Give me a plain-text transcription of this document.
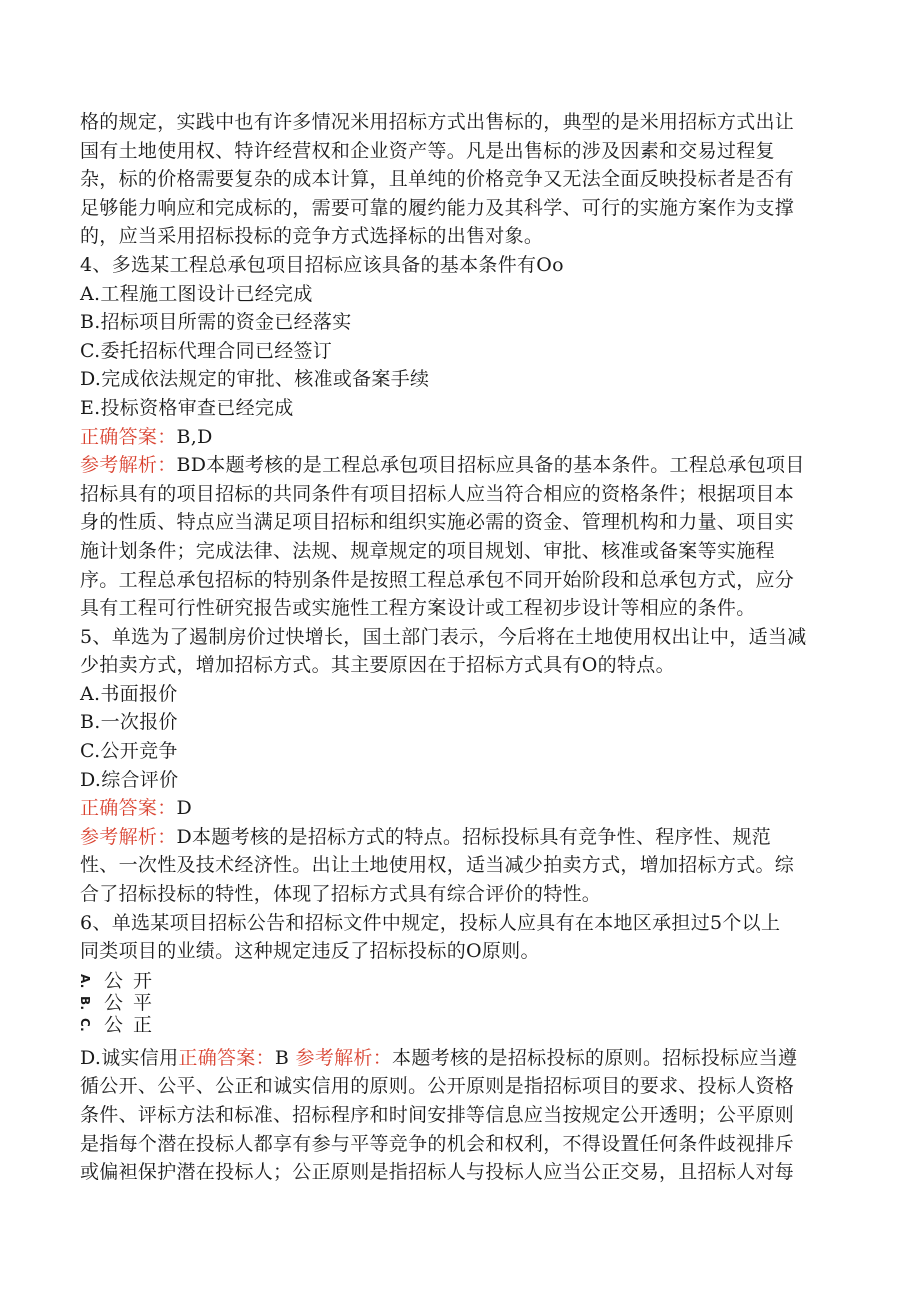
格的规定，实践中也有许多情况米用招标方式出售标的，典型的是米用招标方式出让

国有土地使用权、特许经营权和企业资产等。凡是出售标的涉及因素和交易过程复

杂，标的价格需要复杂的成本计算，且单纯的价格竞争又无法全面反映投标者是否有

足够能力响应和完成标的，需要可靠的履约能力及其科学、可行的实施方案作为支撑

的，应当采用招标投标的竞争方式选择标的出售对象。

4、多选某工程总承包项目招标应该具备的基本条件有Oo

A.工程施工图设计已经完成

B.招标项目所需的资金已经落实

C.委托招标代理合同已经签订

D.完成依法规定的审批、核准或备案手续

E.投标资格审查已经完成

正确答案：B,D

参考解析：BD本题考核的是工程总承包项目招标应具备的基本条件。工程总承包项目

招标具有的项目招标的共同条件有项目招标人应当符合相应的资格条件；根据项目本

身的性质、特点应当满足项目招标和组织实施必需的资金、管理机构和力量、项目实

施计划条件；完成法律、法规、规章规定的项目规划、审批、核准或备案等实施程

序。工程总承包招标的特别条件是按照工程总承包不同开始阶段和总承包方式，应分

具有工程可行性研究报告或实施性工程方案设计或工程初步设计等相应的条件。

5、单选为了遏制房价过快增长，国土部门表示，今后将在土地使用权出让中，适当减

少拍卖方式，增加招标方式。其主要原因在于招标方式具有O的特点。

A.书面报价

B.一次报价

C.公开竞争

D.综合评价

正确答案：D

参考解析：D本题考核的是招标方式的特点。招标投标具有竞争性、程序性、规范

性、一次性及技术经济性。出让土地使用权，适当减少拍卖方式，增加招标方式。综

合了招标投标的特性，体现了招标方式具有综合评价的特性。

6、单选某项目招标公告和招标文件中规定，投标人应具有在本地区承担过5个以上

同类项目的业绩。这种规定违反了招标投标的O原则。

A.
B.
C.
公开
公平
公正

D.诚实信用正确答案：B 参考解析：本题考核的是招标投标的原则。招标投标应当遵

循公开、公平、公正和诚实信用的原则。公开原则是指招标项目的要求、投标人资格

条件、评标方法和标准、招标程序和时间安排等信息应当按规定公开透明；公平原则

是指每个潜在投标人都享有参与平等竞争的机会和权利，不得设置任何条件歧视排斥

或偏袒保护潜在投标人；公正原则是指招标人与投标人应当公正交易，且招标人对每
